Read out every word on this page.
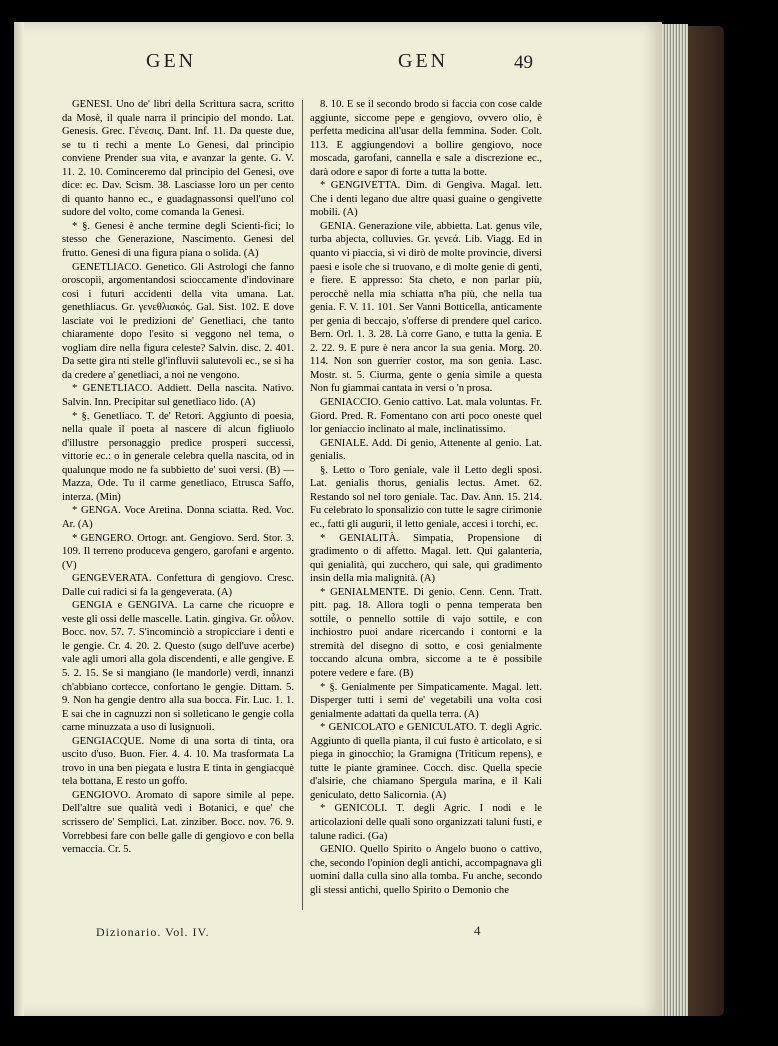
GEN	GEN	49

GENESI. Uno de' libri della Scrittura sacra, scritto da Mosè, il quale narra il principio del mondo. Lat. Genesis. Grec. Γένεσις. Dant. Inf. 11. Da queste due, se tu ti rechi a mente Lo Genesi, dal principio conviene Prender sua vita, e avanzar la gente. G. V. 11. 2. 10. Cominceremo dal principio del Genesi, ove dice: ec. Dav. Scism. 38. Lasciasse loro un per cento di quanto hanno ec., e guadagnassonsi quell'uno col sudore del volto, come comanda la Genesi.

* §. Genesi è anche termine degli Scienti-fici; lo stesso che Generazione, Nascimento. Genesi del frutto. Genesi di una figura piana o solida. (A)

GENETLIACO. Genetico. Gli Astrologi che fanno oroscopii, argomentandosi scioccamente d'indovinare così i futuri accidenti della vita umana. Lat. genethliacus. Gr. γενεθλιακός. Gal. Sist. 102. E dove lasciate voi le predizioni de' Genetliaci, che tanto chiaramente dopo l'esito si veggono nel tema, o vogliam dire nella figura celeste? Salvin. disc. 2. 401. Da sette gira nti stelle gl'influvii salutevoli ec., se si ha da credere a' genetliaci, a noi ne vengono.

* GENETLIACO. Addiett. Della nascita. Nativo. Salvin. Inn. Precipitar sul genetliaco lido. (A)

* §. Genetliaco. T. de' Retori. Aggiunto di poesia, nella quale il poeta al nascere di alcun figliuolo d'illustre personaggio predice prosperi successi, vittorie ec.: o in generale celebra quella nascita, od in qualunque modo ne fa subbietto de' suoi versi. (B) — Mazza, Ode. Tu il carme genetliaco, Etrusca Saffo, interza. (Min)

* GENGA. Voce Aretina. Donna sciatta. Red. Voc. Ar. (A)

* GENGERO. Ortogr. ant. Gengiovo. Serd. Stor. 3. 109. Il terreno produceva gengero, garofani e argento. (V)

GENGEVERATA. Confettura di gengiovo. Cresc. Dalle cui radici si fa la gengeverata. (A)

GENGIA e GENGIVA. La carne che ricuopre e veste gli ossi delle mascelle. Latin. gingiva. Gr. οὖλον. Bocc. nov. 57. 7. S'incominciò a stropicciare i denti e le gengie. Cr. 4. 20. 2. Questo (sugo dell'uve acerbe) vale agli umori alla gola discendenti, e alle gengive. E 5. 2. 15. Se si mangiano (le mandorle) verdi, innanzi ch'abbiano cortecce, confortano le gengie. Dittam. 5. 9. Non ha gengie dentro alla sua bocca. Fir. Luc. 1. 1. E sai che in cagnuzzi non si solleticano le gengie colla carne minuzzata a uso di lusignuoli.

GENGIACQUE. Nome di una sorta di tinta, ora uscito d'uso. Buon. Fier. 4. 4. 10. Ma trasformata La trovo in una ben piegata e lustra E tinta in gengiacquè tela bottana, E resto un goffo.

GENGIOVO. Aromato di sapore simile al pepe. Dell'altre sue qualità vedi i Botanici, e que' che scrissero de' Semplici. Lat. zinziber. Bocc. nov. 76. 9. Vorrebbesi fare con belle galle di gengiovo e con bella vernaccia. Cr. 5.

8. 10. E se il secondo brodo si faccia con cose calde aggiunte, siccome pepe e gengiovo, ovvero olio, è perfetta medicina all'usar della femmina. Soder. Colt. 113. E aggiungendovi a bollire gengiovo, noce moscada, garofani, cannella e sale a discrezione ec., darà odore e sapor di forte a tutta la botte.

* GENGIVETTA. Dim. di Gengiva. Magal. lett. Che i denti legano due altre quasi guaine o gengivette mobili. (A)

GENIA. Generazione vile, abbietta. Lat. genus vile, turba abjecta, colluvies. Gr. γενεά. Lib. Viagg. Ed in quanto vi piaccia, sì vi dirò de molte provincie, diversi paesi e isole che si truovano, e di molte genie di genti, e fiere. E appresso: Sta cheto, e non parlar più, perocchè nella mia schiatta n'ha più, che nella tua genia. F. V. 11. 101. Ser Vanni Botticella, anticamente per genìa di beccajo, s'offerse di prendere quel carico. Bern. Orl. 1. 3. 28. Là corre Gano, e tutta la genia. E 2. 22. 9. E pure è nera ancor la sua genia. Morg. 20. 114. Non son guerrier costor, ma son genia. Lasc. Mostr. st. 5. Ciurma, gente o genia simile a questa Non fu giammai cantata in versi o 'n prosa.

GENIACCIO. Genio cattivo. Lat. mala voluntas. Fr. Giord. Pred. R. Fomentano con arti poco oneste quel lor geniaccio inclinato al male, inclinatissimo.

GENIALE. Add. Di genio, Attenente al genio. Lat. genialis.

§. Letto o Toro geniale, vale il Letto degli sposi. Lat. genialis thorus, genialis lectus. Amet. 62. Restando sol nel toro geniale. Tac. Dav. Ann. 15. 214. Fu celebrato lo sponsalizio con tutte le sagre cirimonie ec., fatti gli augurii, il letto geniale, accesi i torchi, ec.

* GENIALITÀ. Simpatia, Propensione di gradimento o di affetto. Magal. lett. Qui galanteria, qui genialità, qui zucchero, qui sale, qui gradimento insin della mia malignità. (A)

* GENIALMENTE. Di genio. Cenn. Cenn. Tratt. pitt. pag. 18. Allora togli o penna temperata ben sottile, o pennello sottile di vajo sottile, e con inchiostro puoi andare ricercando i contorni e la stremità del disegno di sotto, e così genialmente toccando alcuna ombra, siccome a te è possibile potere vedere e fare. (B)

* §. Genialmente per Simpaticamente. Magal. lett. Disperger tutti i semi de' vegetabili una volta così genialmente adattati da quella terra. (A)

* GENICOLATO e GENICULATO. T. degli Agric. Aggiunto di quella pianta, il cui fusto è articolato, e si piega in ginocchio; la Gramigna (Triticum repens), e tutte le piante graminee. Cocch. disc. Quella specie d'alsirie, che chiamano Spergula marina, e il Kali geniculato, detto Salicornia. (A)

* GENICOLI. T. degli Agric. I nodi e le articolazioni delle quali sono organizzati taluni fusti, e talune radici. (Ga)

GENIO. Quello Spirito o Angelo buono o cattivo, che, secondo l'opinion degli antichi, accompagnava gli uomini dalla culla sino alla tomba. Fu anche, secondo gli stessi antichi, quello Spirito o Demonio che

Dizionario. Vol. IV.	4
